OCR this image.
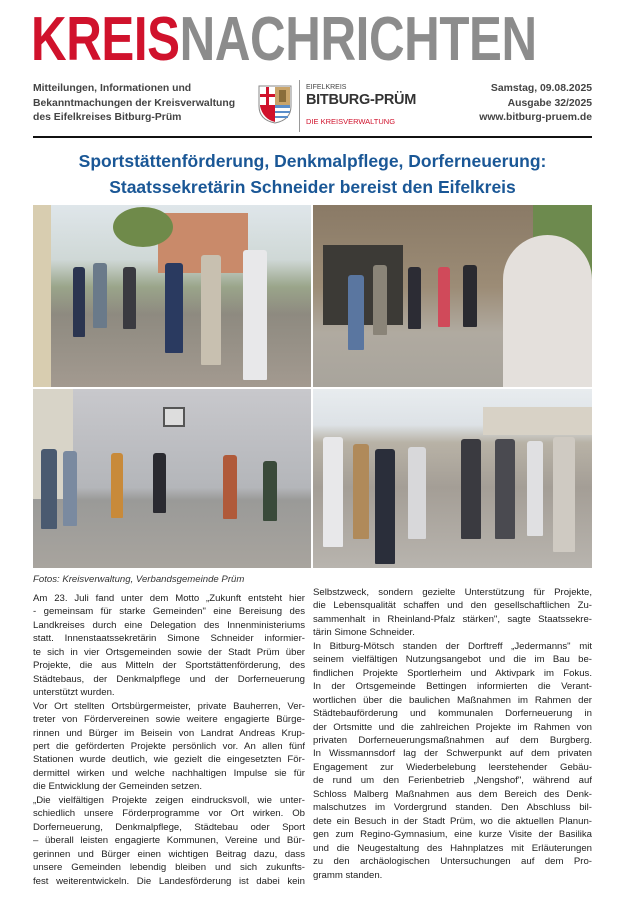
KREISNACHRICHTEN
Mitteilungen, Informationen und
Bekanntmachungen der Kreisverwaltung
des Eifelkreises Bitburg-Prüm
EIFELKREIS
BITBURG-PRÜM
DIE KREISVERWALTUNG
Samstag, 09.08.2025
Ausgabe 32/2025
www.bitburg-pruem.de
Sportstättenförderung, Denkmalpflege, Dorferneuerung:
Staatssekretärin Schneider bereist den Eifelkreis
Fotos: Kreisverwaltung, Verbandsgemeinde Prüm
Am 23. Juli fand unter dem Motto „Zukunft entsteht hier
- gemeinsam für starke Gemeinden" eine Bereisung des
Landkreises durch eine Delegation des Innenministeriums
statt. Innenstaatssekretärin Simone Schneider informier-
te sich in vier Ortsgemeinden sowie der Stadt Prüm über
Projekte, die aus Mitteln der Sportstättenförderung, des
Städtebaus, der Denkmalpflege und der Dorferneuerung
unterstützt wurden.
Vor Ort stellten Ortsbürgermeister, private Bauherren, Ver-
treter von Fördervereinen sowie weitere engagierte Bürge-
rinnen und Bürger im Beisein von Landrat Andreas Krup-
pert die geförderten Projekte persönlich vor. An allen fünf
Stationen wurde deutlich, wie gezielt die eingesetzten För-
dermittel wirken und welche nachhaltigen Impulse sie für
die Entwicklung der Gemeinden setzen.
„Die vielfältigen Projekte zeigen eindrucksvoll, wie unter-
schiedlich unsere Förderprogramme vor Ort wirken. Ob
Dorferneuerung, Denkmalpflege, Städtebau oder Sport
– überall leisten engagierte Kommunen, Vereine und Bür-
gerinnen und Bürger einen wichtigen Beitrag dazu, dass
unsere Gemeinden lebendig bleiben und sich zukunfts-
fest weiterentwickeln. Die Landesförderung ist dabei kein
Selbstzweck, sondern gezielte Unterstützung für Projekte,
die Lebensqualität schaffen und den gesellschaftlichen Zu-
sammenhalt in Rheinland-Pfalz stärken", sagte Staatssekre-
tärin Simone Schneider.
In Bitburg-Mötsch standen der Dorftreff „Jedermanns" mit
seinem vielfältigen Nutzungsangebot und die im Bau be-
findlichen Projekte Sportlerheim und Aktivpark im Fokus.
In der Ortsgemeinde Bettingen informierten die Verant-
wortlichen über die baulichen Maßnahmen im Rahmen der
Städtebauförderung und kommunalen Dorferneuerung in
der Ortsmitte und die zahlreichen Projekte im Rahmen von
privaten Dorferneuerungsmaßnahmen auf dem Burgberg.
In Wissmannsdorf lag der Schwerpunkt auf dem privaten
Engagement zur Wiederbelebung leerstehender Gebäu-
de rund um den Ferienbetrieb „Nengshof", während auf
Schloss Malberg Maßnahmen aus dem Bereich des Denk-
malschutzes im Vordergrund standen. Den Abschluss bil-
dete ein Besuch in der Stadt Prüm, wo die aktuellen Planun-
gen zum Regino-Gymnasium, eine kurze Visite der Basilika
und die Neugestaltung des Hahnplatzes mit Erläuterungen
zu den archäologischen Untersuchungen auf dem Pro-
gramm standen.
